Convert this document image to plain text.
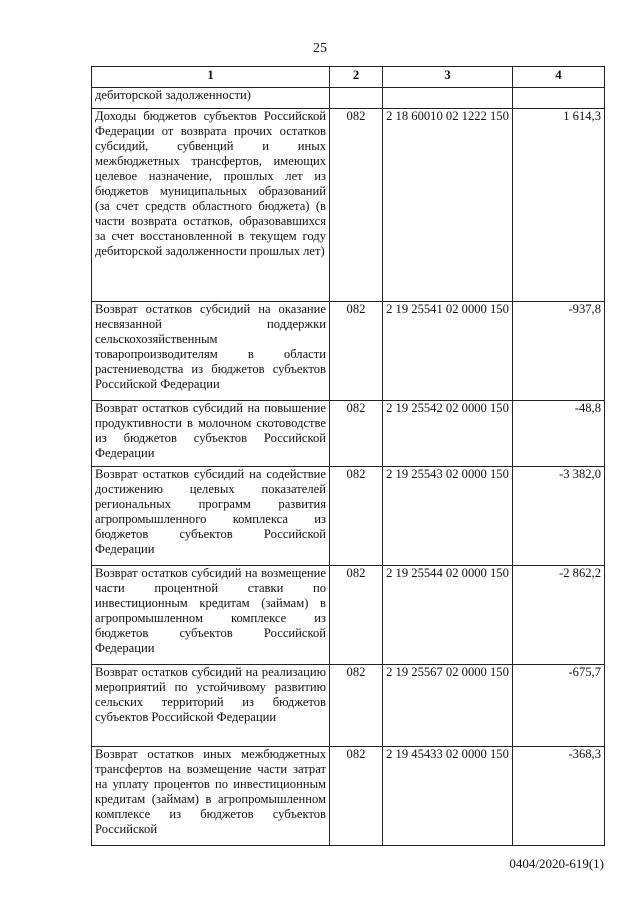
25
1	2	3	4
дебиторской задолженности)			
Доходы бюджетов субъектов Российской Федерации от возврата прочих остатков субсидий, субвенций и иных межбюджетных трансфертов, имеющих целевое назначение, прошлых лет из бюджетов муниципальных образований (за счет средств областного бюджета) (в части возврата остатков, образовавшихся за счет восстановленной в текущем году дебиторской задолженности прошлых лет)	082	2 18 60010 02 1222 150	1 614,3
Возврат остатков субсидий на оказание несвязанной поддержки сельскохозяйственным товаропроизводителям в области растениеводства из бюджетов субъектов Российской Федерации	082	2 19 25541 02 0000 150	-937,8
Возврат остатков субсидий на повышение продуктивности в молочном скотоводстве из бюджетов субъектов Российской Федерации	082	2 19 25542 02 0000 150	-48,8
Возврат остатков субсидий на содействие достижению целевых показателей региональных программ развития агропромышленного комплекса из бюджетов субъектов Российской Федерации	082	2 19 25543 02 0000 150	-3 382,0
Возврат остатков субсидий на возмещение части процентной ставки по инвестиционным кредитам (займам) в агропромышленном комплексе из бюджетов субъектов Российской Федерации	082	2 19 25544 02 0000 150	-2 862,2
Возврат остатков субсидий на реализацию мероприятий по устойчивому развитию сельских территорий из бюджетов субъектов Российской Федерации	082	2 19 25567 02 0000 150	-675,7
Возврат остатков иных межбюджетных трансфертов на возмещение части затрат на уплату процентов по инвестиционным кредитам (займам) в агропромышленном комплексе из бюджетов субъектов Российской	082	2 19 45433 02 0000 150	-368,3
0404/2020-619(1)
